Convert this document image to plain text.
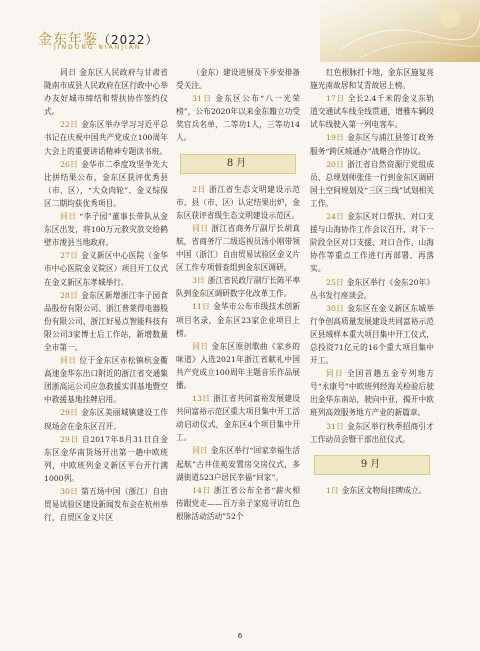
金东年鉴（2022）
JINDONG NIANJIAN

同日 金东区人民政府与甘肃省陇南市成县人民政府在区行政中心举办友好城市缔结和帮扶协作签约仪式。

22日 金东区举办学习习近平总书记在庆祝中国共产党成立100周年大会上的重要讲话精神专题读书班。

26日 金华市二季度攻坚争先大比拼结果公布，金东区获评优秀县（市、区），“大众肉轮”、金义综保区二期均获优秀项目。

同日 “李子园”董事长带队从金东区出发，将100万元救灾款交给鹤壁市浚县当地政府。

27日 金义新区中心医院（金华市中心医院金义院区）项目开工仪式在金义新区东孝城举行。

28日 金东区新增浙江李子园食品股份有限公司、浙江普莱得电器股份有限公司、浙江好易点智能科技有限公司3家博士后工作站，新增数量全市第一。

同日 位于金东区赤松镇杭金衢高速金华东出口附近的浙江省交通集团浙高运公司应急救援实训基地暨空中救援基地挂牌启用。

29日 金东区美丽城镇建设工作现场会在金东区召开。

29日 自2017年8月31日自金东区金华南货场开出第一趟中欧班列，中欧班列金义新区平台开行满1000列。

30日 第五场中国（浙江）自由贸易试验区建设新闻发布会在杭州举行，自贸区金义片区

（金东）建设进展及下步安排备受关注。

31日 金东区公布“八一光荣榜”，公布2020年以来金东籍立功受奖官兵名单，二等功1人，三等功14人。

8月

2日 浙江省生态文明建设示范市、县（市、区）认定结果出炉，金东区获评省级生态文明建设示范区。

同日 浙江省商务厅副厅长胡真航，省商务厅二级巡视员汤小刚带领中国（浙江）自由贸易试验区金义片区工作专项督查组到金东区调研。

3日 浙江省民政厅副厅长陈平率队到金东区调研数字化改革工作。

11日 金华市公布市级技术创新项目名录，金东区23家企业项目上榜。

同日 金东区原创歌曲《家乡的味道》入选2021年浙江省献礼中国共产党成立100周年主题音乐作品展播。

13日 浙江省共同富裕发展建设共同富裕示范区重大项目集中开工活动启动仪式，金东区4个项目集中开工。

同日 金东区举行“回家幸福生活起航”古井佳苑安置房交房仪式，多湖街道523户居民幸福“回家”。

14日 浙江省公布全省“薪火相传跟党走——百万亲子家庭寻访红色根脉活动活动”52个

红色根脉打卡地，金东区施复亮施光南故居和艾青故居上榜。

17日 全长2.4千米的金义东轨道交通试车线全线贯通，增雅车辆段试车线驶入第一列电客车。

19日 金东区与浦江县签订政务服务“跨区域通办”战略合作协议。

20日 浙江省自然资源厅党组成员、总规划师张佳一行到金东区调研国土空间规划及“三区三线”试划相关工作。

24日 金东区对口帮扶、对口支援与山海协作工作会议召开，对下一阶段全区对口支援、对口合作、山海协作等重点工作进行再部署、再落实。

25日 金东区举行《金东20年》丛书发行座谈会。

30日 金东区在金义新区东城举行争创高质量发展建设共同富裕示范区县域样本重大项目集中开工仪式，总投资71亿元的16个重大项目集中开工。

同日 全国首趟五金专列地方号“永康号”中欧班列经海关检验后驶出金华东南站，驶向中亚，揭开中欧班列高效服务地方产业的新篇章。

31日 金东区举行秋季招商引才工作动员会暨干部出征仪式。

9月

1日 金东区文物局挂牌成立。

6
